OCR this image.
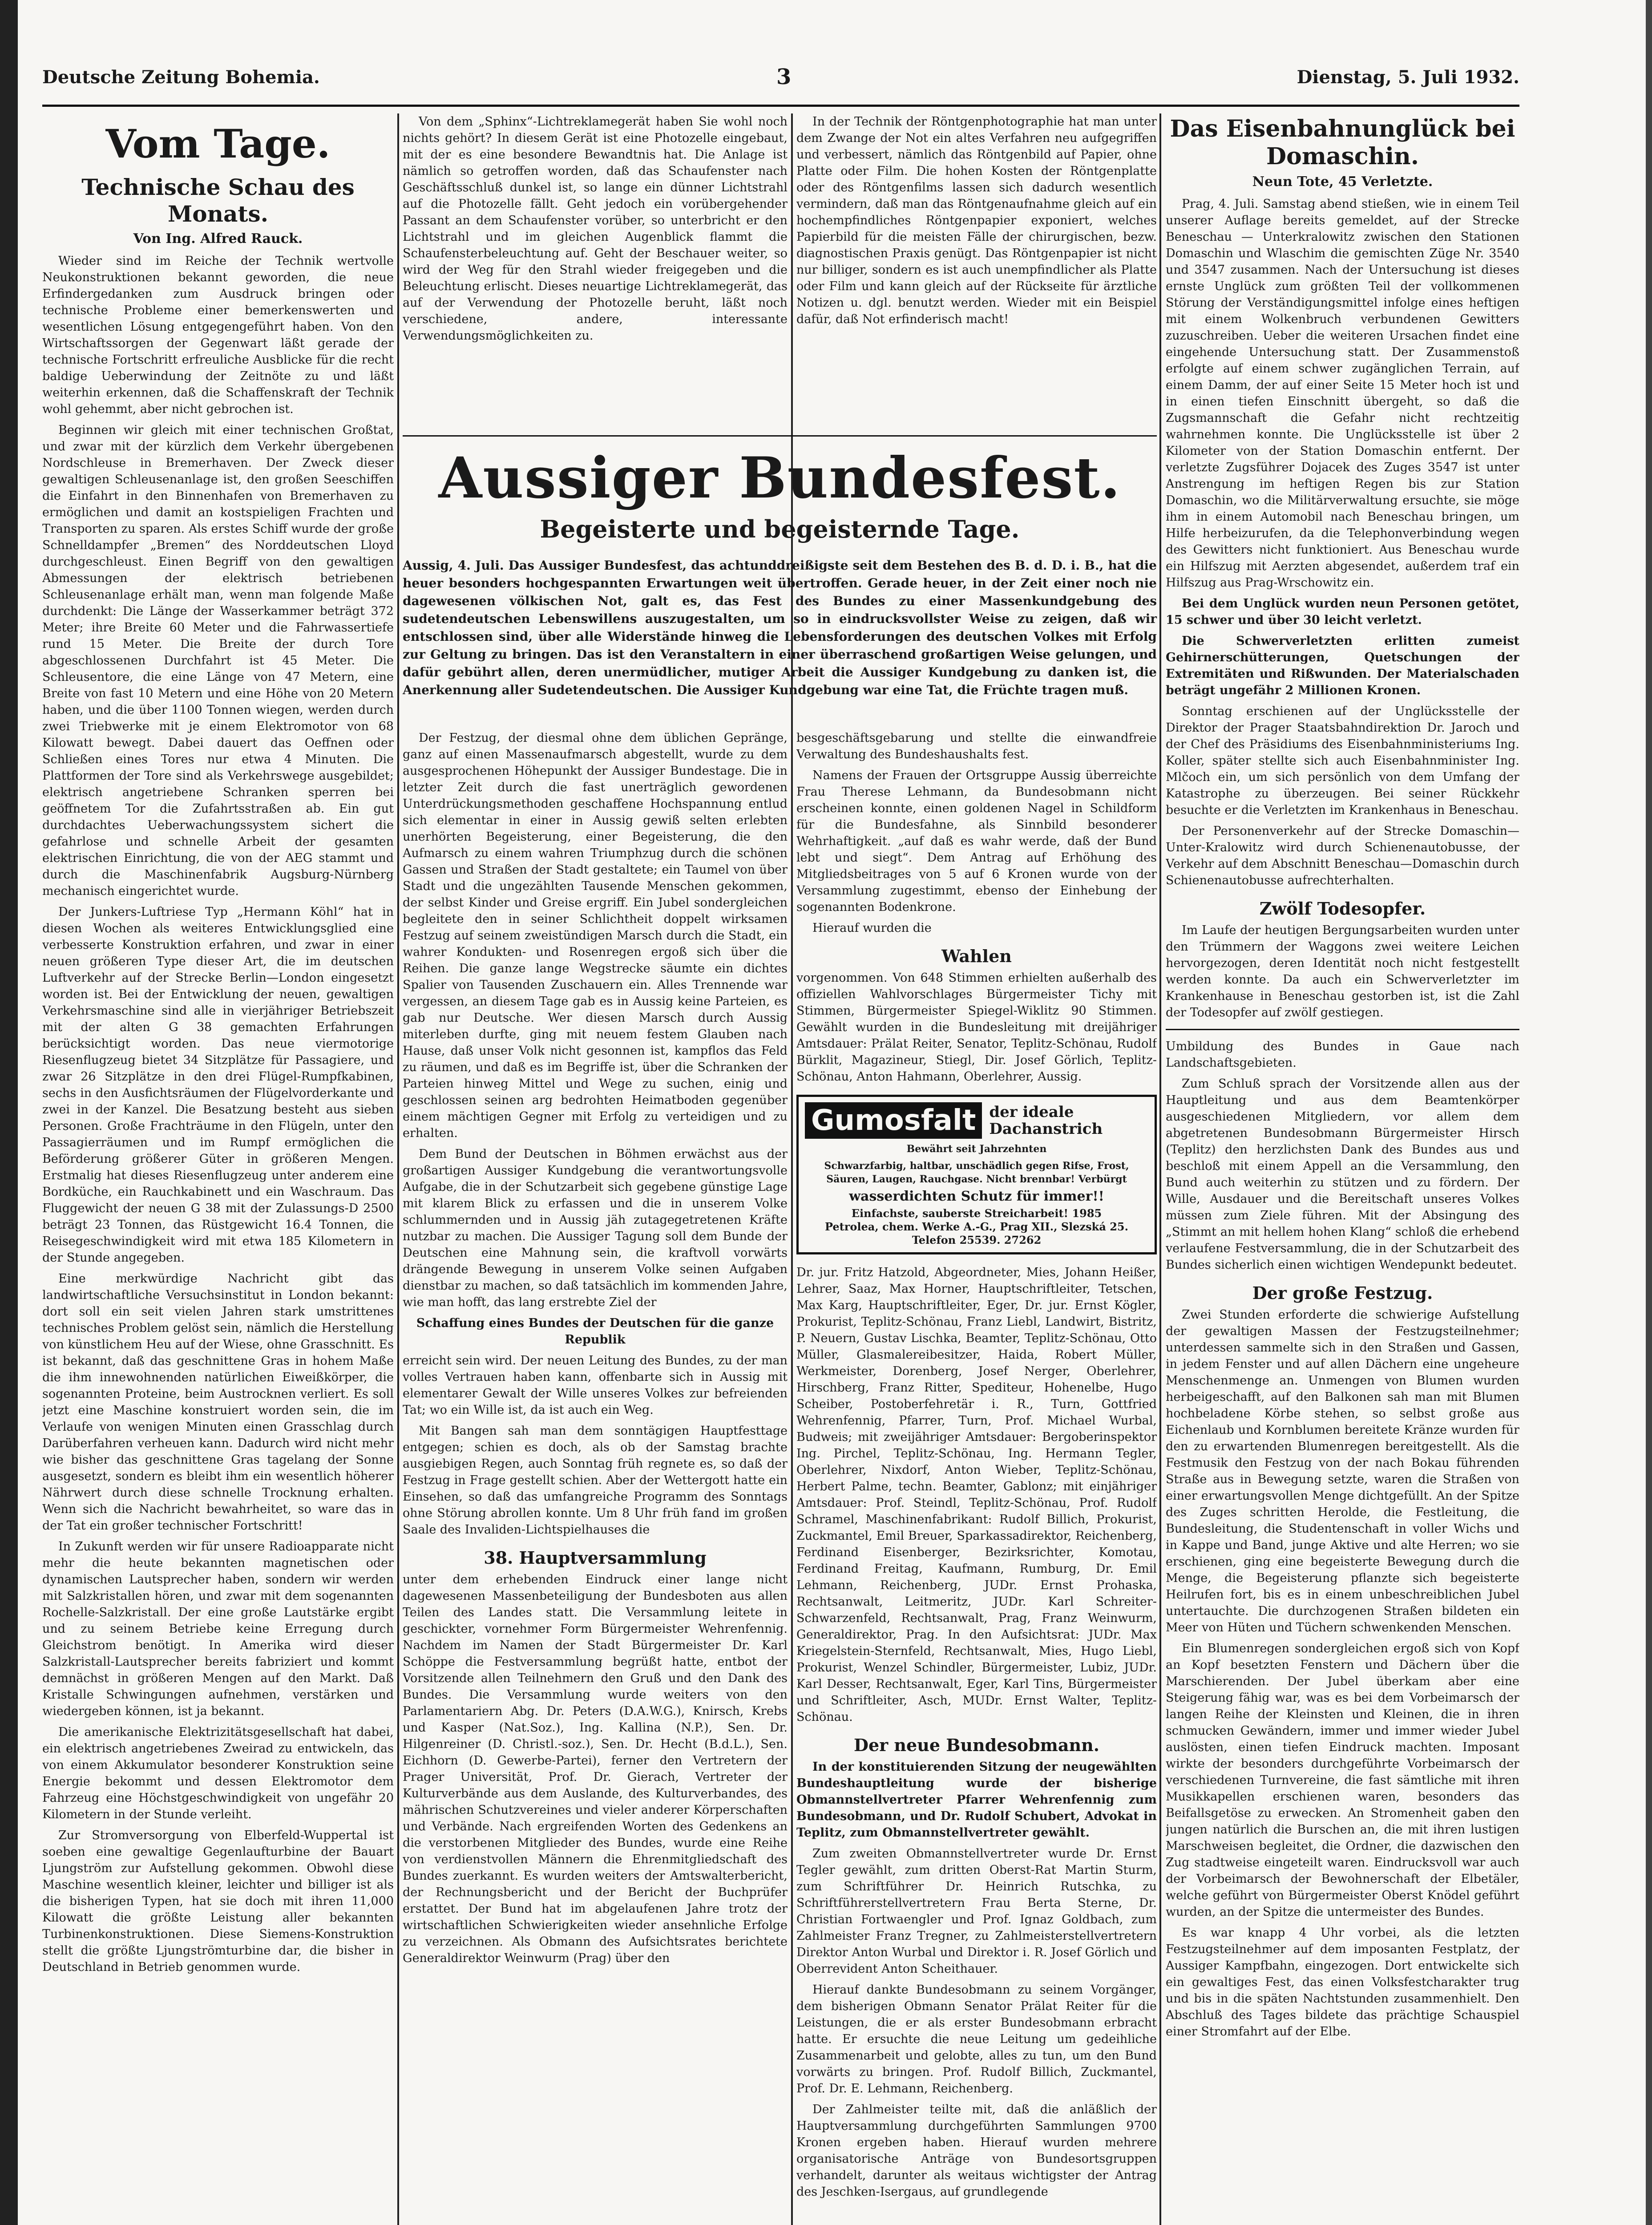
Deutsche Zeitung Bohemia.	3	Dienstag, 5. Juli 1932.
Vom Tage.
Technische Schau des Monats.
Von Ing. Alfred Rauck.

Wieder sind im Reiche der Technik wertvolle Neukonstruktionen bekannt geworden, die neue Erfindergedanken zum Ausdruck bringen oder technische Probleme einer bemerkenswerten und wesentlichen Lösung entgegengeführt haben. Von den Wirtschaftssorgen der Gegenwart läßt gerade der technische Fortschritt erfreuliche Ausblicke für die recht baldige Ueberwindung der Zeitnöte zu und läßt weiterhin erkennen, daß die Schaffenskraft der Technik wohl gehemmt, aber nicht gebrochen ist.

Beginnen wir gleich mit einer technischen Großtat, und zwar mit der kürzlich dem Verkehr übergebenen Nordschleuse in Bremerhaven. Der Zweck dieser gewaltigen Schleusenanlage ist, den großen Seeschiffen die Einfahrt in den Binnenhafen von Bremerhaven zu ermöglichen und damit an kostspieligen Frachten und Transporten zu sparen. Als erstes Schiff wurde der große Schnelldampfer „Bremen“ des Norddeutschen Lloyd durchgeschleust. Einen Begriff von den gewaltigen Abmessungen der elektrisch betriebenen Schleusenanlage erhält man, wenn man folgende Maße durchdenkt: Die Länge der Wasserkammer beträgt 372 Meter; ihre Breite 60 Meter und die Fahrwassertiefe rund 15 Meter. Die Breite der durch Tore abgeschlossenen Durchfahrt ist 45 Meter. Die Schleusentore, die eine Länge von 47 Metern, eine Breite von fast 10 Metern und eine Höhe von 20 Metern haben, und die über 1100 Tonnen wiegen, werden durch zwei Triebwerke mit je einem Elektromotor von 68 Kilowatt bewegt. Dabei dauert das Oeffnen oder Schließen eines Tores nur etwa 4 Minuten. Die Plattformen der Tore sind als Verkehrswege ausgebildet; elektrisch angetriebene Schranken sperren bei geöffnetem Tor die Zufahrtsstraßen ab. Ein gut durchdachtes Ueberwachungssystem sichert die gefahrlose und schnelle Arbeit der gesamten elektrischen Einrichtung, die von der AEG stammt und durch die Maschinenfabrik Augsburg-Nürnberg mechanisch eingerichtet wurde.

Der Junkers-Luftriese Typ „Hermann Köhl“ hat in diesen Wochen als weiteres Entwicklungsglied eine verbesserte Konstruktion erfahren, und zwar in einer neuen größeren Type dieser Art, die im deutschen Luftverkehr auf der Strecke Berlin—London eingesetzt worden ist. Bei der Entwicklung der neuen, gewaltigen Verkehrsmaschine sind alle in vierjähriger Betriebszeit mit der alten G 38 gemachten Erfahrungen berücksichtigt worden. Das neue viermotorige Riesenflugzeug bietet 34 Sitzplätze für Passagiere, und zwar 26 Sitzplätze in den drei Flügel-Rumpfkabinen, sechs in den Ausfichtsräumen der Flügelvorderkante und zwei in der Kanzel. Die Besatzung besteht aus sieben Personen. Große Frachträume in den Flügeln, unter den Passagierräumen und im Rumpf ermöglichen die Beförderung größerer Güter in größeren Mengen. Erstmalig hat dieses Riesenflugzeug unter anderem eine Bordküche, ein Rauchkabinett und ein Waschraum. Das Fluggewicht der neuen G 38 mit der Zulassungs-D 2500 beträgt 23 Tonnen, das Rüstgewicht 16.4 Tonnen, die Reisegeschwindigkeit wird mit etwa 185 Kilometern in der Stunde angegeben.

Eine merkwürdige Nachricht gibt das landwirtschaftliche Versuchsinstitut in London bekannt: dort soll ein seit vielen Jahren stark umstrittenes technisches Problem gelöst sein, nämlich die Herstellung von künstlichem Heu auf der Wiese, ohne Grasschnitt. Es ist bekannt, daß das geschnittene Gras in hohem Maße die ihm innewohnenden natürlichen Eiweißkörper, die sogenannten Proteine, beim Austrocknen verliert. Es soll jetzt eine Maschine konstruiert worden sein, die im Verlaufe von wenigen Minuten einen Grasschlag durch Darüberfahren verheuen kann. Dadurch wird nicht mehr wie bisher das geschnittene Gras tagelang der Sonne ausgesetzt, sondern es bleibt ihm ein wesentlich höherer Nährwert durch diese schnelle Trocknung erhalten. Wenn sich die Nachricht bewahrheitet, so ware das in der Tat ein großer technischer Fortschritt!

In Zukunft werden wir für unsere Radioapparate nicht mehr die heute bekannten magnetischen oder dynamischen Lautsprecher haben, sondern wir werden mit Salzkristallen hören, und zwar mit dem sogenannten Rochelle-Salzkristall. Der eine große Lautstärke ergibt und zu seinem Betriebe keine Erregung durch Gleichstrom benötigt. In Amerika wird dieser Salzkristall-Lautsprecher bereits fabriziert und kommt demnächst in größeren Mengen auf den Markt. Daß Kristalle Schwingungen aufnehmen, verstärken und wiedergeben können, ist ja bekannt.

Die amerikanische Elektrizitätsgesellschaft hat dabei, ein elektrisch angetriebenes Zweirad zu entwickeln, das von einem Akkumulator besonderer Konstruktion seine Energie bekommt und dessen Elektromotor dem Fahrzeug eine Höchstgeschwindigkeit von ungefähr 20 Kilometern in der Stunde verleiht.

Zur Stromversorgung von Elberfeld-Wuppertal ist soeben eine gewaltige Gegenlaufturbine der Bauart Ljungström zur Aufstellung gekommen. Obwohl diese Maschine wesentlich kleiner, leichter und billiger ist als die bisherigen Typen, hat sie doch mit ihren 11,000 Kilowatt die größte Leistung aller bekannten Turbinenkonstruktionen. Diese Siemens-Konstruktion stellt die größte Ljungströmturbine dar, die bisher in Deutschland in Betrieb genommen wurde.

Von dem „Sphinx“-Lichtreklamegerät haben Sie wohl noch nichts gehört? In diesem Gerät ist eine Photozelle eingebaut, mit der es eine besondere Bewandtnis hat. Die Anlage ist nämlich so getroffen worden, daß das Schaufenster nach Geschäftsschluß dunkel ist, so lange ein dünner Lichtstrahl auf die Photozelle fällt. Geht jedoch ein vorübergehender Passant an dem Schaufenster vorüber, so unterbricht er den Lichtstrahl und im gleichen Augenblick flammt die Schaufensterbeleuchtung auf. Geht der Beschauer weiter, so wird der Weg für den Strahl wieder freigegeben und die Beleuchtung erlischt. Dieses neuartige Lichtreklamegerät, das auf der Verwendung der Photozelle beruht, läßt noch verschiedene, andere, interessante Verwendungsmöglichkeiten zu.

In der Technik der Röntgenphotographie hat man unter dem Zwange der Not ein altes Verfahren neu aufgegriffen und verbessert, nämlich das Röntgenbild auf Papier, ohne Platte oder Film. Die hohen Kosten der Röntgenplatte oder des Röntgenfilms lassen sich dadurch wesentlich vermindern, daß man das Röntgenaufnahme gleich auf ein hochempfindliches Röntgenpapier exponiert, welches Papierbild für die meisten Fälle der chirurgischen, bezw. diagnostischen Praxis genügt. Das Röntgenpapier ist nicht nur billiger, sondern es ist auch unempfindlicher als Platte oder Film und kann gleich auf der Rückseite für ärztliche Notizen u. dgl. benutzt werden. Wieder mit ein Beispiel dafür, daß Not erfinderisch macht!

Aussiger Bundesfest.
Begeisterte und begeisternde Tage.
Aussig, 4. Juli. Das Aussiger Bundesfest, das achtunddreißigste seit dem Bestehen des B. d. D. i. B., hat die heuer besonders hochgespannten Erwartungen weit übertroffen. Gerade heuer, in der Zeit einer noch nie dagewesenen völkischen Not, galt es, das Fest des Bundes zu einer Massenkundgebung des sudetendeutschen Lebenswillens auszugestalten, um so in eindrucksvollster Weise zu zeigen, daß wir entschlossen sind, über alle Widerstände hinweg die Lebensforderungen des deutschen Volkes mit Erfolg zur Geltung zu bringen. Das ist den Veranstaltern in einer überraschend großartigen Weise gelungen, und dafür gebührt allen, deren unermüdlicher, mutiger Arbeit die Aussiger Kundgebung zu danken ist, die Anerkennung aller Sudetendeutschen. Die Aussiger Kundgebung war eine Tat, die Früchte tragen muß.

Der Festzug, der diesmal ohne dem üblichen Gepränge, ganz auf einen Massenaufmarsch abgestellt, wurde zu dem ausgesprochenen Höhepunkt der Aussiger Bundestage. Die in letzter Zeit durch die fast unerträglich gewordenen Unterdrückungsmethoden geschaffene Hochspannung entlud sich elementar in einer in Aussig gewiß selten erlebten unerhörten Begeisterung, einer Begeisterung, die den Aufmarsch zu einem wahren Triumphzug durch die schönen Gassen und Straßen der Stadt gestaltete; ein Taumel von über Stadt und die ungezählten Tausende Menschen gekommen, der selbst Kinder und Greise ergriff. Ein Jubel sondergleichen begleitete den in seiner Schlichtheit doppelt wirksamen Festzug auf seinem zweistündigen Marsch durch die Stadt, ein wahrer Kondukten- und Rosenregen ergoß sich über die Reihen. Die ganze lange Wegstrecke säumte ein dichtes Spalier von Tausenden Zuschauern ein. Alles Trennende war vergessen, an diesem Tage gab es in Aussig keine Parteien, es gab nur Deutsche. Wer diesen Marsch durch Aussig miterleben durfte, ging mit neuem festem Glauben nach Hause, daß unser Volk nicht gesonnen ist, kampflos das Feld zu räumen, und daß es im Begriffe ist, über die Schranken der Parteien hinweg Mittel und Wege zu suchen, einig und geschlossen seinen arg bedrohten Heimatboden gegenüber einem mächtigen Gegner mit Erfolg zu verteidigen und zu erhalten.

Dem Bund der Deutschen in Böhmen erwächst aus der großartigen Aussiger Kundgebung die verantwortungsvolle Aufgabe, die in der Schutzarbeit sich gegebene günstige Lage mit klarem Blick zu erfassen und die in unserem Volke schlummernden und in Aussig jäh zutagegetretenen Kräfte nutzbar zu machen. Die Aussiger Tagung soll dem Bunde der Deutschen eine Mahnung sein, die kraftvoll vorwärts drängende Bewegung in unserem Volke seinen Aufgaben dienstbar zu machen, so daß tatsächlich im kommenden Jahre, wie man hofft, das lang erstrebte Ziel der

Schaffung eines Bundes der Deutschen für die ganze Republik

erreicht sein wird. Der neuen Leitung des Bundes, zu der man volles Vertrauen haben kann, offenbarte sich in Aussig mit elementarer Gewalt der Wille unseres Volkes zur befreienden Tat; wo ein Wille ist, da ist auch ein Weg.

Mit Bangen sah man dem sonntägigen Hauptfesttage entgegen; schien es doch, als ob der Samstag brachte ausgiebigen Regen, auch Sonntag früh regnete es, so daß der Festzug in Frage gestellt schien. Aber der Wettergott hatte ein Einsehen, so daß das umfangreiche Programm des Sonntags ohne Störung abrollen konnte. Um 8 Uhr früh fand im großen Saale des Invaliden-Lichtspielhauses die

38. Hauptversammlung

unter dem erhebenden Eindruck einer lange nicht dagewesenen Massenbeteiligung der Bundesboten aus allen Teilen des Landes statt. Die Versammlung leitete in geschickter, vornehmer Form Bürgermeister Wehrenfennig. Nachdem im Namen der Stadt Bürgermeister Dr. Karl Schöppe die Festversammlung begrüßt hatte, entbot der Vorsitzende allen Teilnehmern den Gruß und den Dank des Bundes. Die Versammlung wurde weiters von den Parlamentariern Abg. Dr. Peters (D.A.W.G.), Knirsch, Krebs und Kasper (Nat.Soz.), Ing. Kallina (N.P.), Sen. Dr. Hilgenreiner (D. Christl.-soz.), Sen. Dr. Hecht (B.d.L.), Sen. Eichhorn (D. Gewerbe-Partei), ferner den Vertretern der Prager Universität, Prof. Dr. Gierach, Vertreter der Kulturverbände aus dem Auslande, des Kulturverbandes, des mährischen Schutzvereines und vieler anderer Körperschaften und Verbände. Nach ergreifenden Worten des Gedenkens an die verstorbenen Mitglieder des Bundes, wurde eine Reihe von verdienstvollen Männern die Ehrenmitgliedschaft des Bundes zuerkannt. Es wurden weiters der Amtswalterbericht, der Rechnungsbericht und der Bericht der Buchprüfer erstattet. Der Bund hat im abgelaufenen Jahre trotz der wirtschaftlichen Schwierigkeiten wieder ansehnliche Erfolge zu verzeichnen. Als Obmann des Aufsichtsrates berichtete Generaldirektor Weinwurm (Prag) über den

besgeschäftsgebarung und stellte die einwandfreie Verwaltung des Bundeshaushalts fest.

Namens der Frauen der Ortsgruppe Aussig überreichte Frau Therese Lehmann, da Bundesobmann nicht erscheinen konnte, einen goldenen Nagel in Schildform für die Bundesfahne, als Sinnbild besonderer Wehrhaftigkeit. „auf daß es wahr werde, daß der Bund lebt und siegt“. Dem Antrag auf Erhöhung des Mitgliedsbeitrages von 5 auf 6 Kronen wurde von der Versammlung zugestimmt, ebenso der Einhebung der sogenannten Bodenkrone.

Hierauf wurden die

Wahlen

vorgenommen. Von 648 Stimmen erhielten außerhalb des offiziellen Wahlvorschlages Bürgermeister Tichy mit Stimmen, Bürgermeister Spiegel-Wiklitz 90 Stimmen. Gewählt wurden in die Bundesleitung mit dreijähriger Amtsdauer: Prälat Reiter, Senator, Teplitz-Schönau, Rudolf Bürklit, Magazineur, Stiegl, Dir. Josef Görlich, Teplitz-Schönau, Anton Hahmann, Oberlehrer, Aussig.

Gumosfalt der ideale Dachanstrich
Bewährt seit Jahrzehnten
Schwarzfarbig, haltbar, unschädlich gegen Rifse, Frost, Säuren, Laugen, Rauchgase. Nicht brennbar! Verbürgt
wasserdichten Schutz für immer!!
Einfachste, sauberste Streicharbeit! 1985
Petrolea, chem. Werke A.-G., Prag XII., Slezská 25.
Telefon 25539. 27262

Dr. jur. Fritz Hatzold, Abgeordneter, Mies, Johann Heißer, Lehrer, Saaz, Max Horner, Hauptschriftleiter, Tetschen, Max Karg, Hauptschriftleiter, Eger, Dr. jur. Ernst Kögler, Prokurist, Teplitz-Schönau, Franz Liebl, Landwirt, Bistritz, P. Neuern, Gustav Lischka, Beamter, Teplitz-Schönau, Otto Müller, Glasmalereibesitzer, Haida, Robert Müller, Werkmeister, Dorenberg, Josef Nerger, Oberlehrer, Hirschberg, Franz Ritter, Spediteur, Hohenelbe, Hugo Scheiber, Postoberfehretär i. R., Turn, Gottfried Wehrenfennig, Pfarrer, Turn, Prof. Michael Wurbal, Budweis; mit zweijähriger Amtsdauer: Bergoberinspektor Ing. Pirchel, Teplitz-Schönau, Ing. Hermann Tegler, Oberlehrer, Nixdorf, Anton Wieber, Teplitz-Schönau, Herbert Palme, techn. Beamter, Gablonz; mit einjähriger Amtsdauer: Prof. Steindl, Teplitz-Schönau, Prof. Rudolf Schramel, Maschinenfabrikant: Rudolf Billich, Prokurist, Zuckmantel, Emil Breuer, Sparkassadirektor, Reichenberg, Ferdinand Eisenberger, Bezirksrichter, Komotau, Ferdinand Freitag, Kaufmann, Rumburg, Dr. Emil Lehmann, Reichenberg, JUDr. Ernst Prohaska, Rechtsanwalt, Leitmeritz, JUDr. Karl Schreiter-Schwarzenfeld, Rechtsanwalt, Prag, Franz Weinwurm, Generaldirektor, Prag. In den Aufsichtsrat: JUDr. Max Kriegelstein-Sternfeld, Rechtsanwalt, Mies, Hugo Liebl, Prokurist, Wenzel Schindler, Bürgermeister, Lubiz, JUDr. Karl Desser, Rechtsanwalt, Eger, Karl Tins, Bürgermeister und Schriftleiter, Asch, MUDr. Ernst Walter, Teplitz-Schönau.

Der neue Bundesobmann.

In der konstituierenden Sitzung der neugewählten Bundeshauptleitung wurde der bisherige Obmannstellvertreter Pfarrer Wehrenfennig zum Bundesobmann, und Dr. Rudolf Schubert, Advokat in Teplitz, zum Obmannstellvertreter gewählt.

Zum zweiten Obmannstellvertreter wurde Dr. Ernst Tegler gewählt, zum dritten Oberst-Rat Martin Sturm, zum Schriftführer Dr. Heinrich Rutschka, zu Schriftführerstellvertretern Frau Berta Sterne, Dr. Christian Fortwaengler und Prof. Ignaz Goldbach, zum Zahlmeister Franz Tregner, zu Zahlmeisterstellvertretern Direktor Anton Wurbal und Direktor i. R. Josef Görlich und Oberrevident Anton Scheithauer.

Hierauf dankte Bundesobmann zu seinem Vorgänger, dem bisherigen Obmann Senator Prälat Reiter für die Leistungen, die er als erster Bundesobmann erbracht hatte. Er ersuchte die neue Leitung um gedeihliche Zusammenarbeit und gelobte, alles zu tun, um den Bund vorwärts zu bringen. Prof. Rudolf Billich, Zuckmantel, Prof. Dr. E. Lehmann, Reichenberg.

Der Zahlmeister teilte mit, daß die anläßlich der Hauptversammlung durchgeführten Sammlungen 9700 Kronen ergeben haben. Hierauf wurden mehrere organisatorische Anträge von Bundesortsgruppen verhandelt, darunter als weitaus wichtigster der Antrag des Jeschken-Isergaus, auf grundlegende

Das Eisenbahnunglück bei Domaschin.
Neun Tote, 45 Verletzte.

Prag, 4. Juli. Samstag abend stießen, wie in einem Teil unserer Auflage bereits gemeldet, auf der Strecke Beneschau — Unterkralowitz zwischen den Stationen Domaschin und Wlaschim die gemischten Züge Nr. 3540 und 3547 zusammen. Nach der Untersuchung ist dieses ernste Unglück zum größten Teil der vollkommenen Störung der Verständigungsmittel infolge eines heftigen mit einem Wolkenbruch verbundenen Gewitters zuzuschreiben. Ueber die weiteren Ursachen findet eine eingehende Untersuchung statt. Der Zusammenstoß erfolgte auf einem schwer zugänglichen Terrain, auf einem Damm, der auf einer Seite 15 Meter hoch ist und in einen tiefen Einschnitt übergeht, so daß die Zugsmannschaft die Gefahr nicht rechtzeitig wahrnehmen konnte. Die Unglücksstelle ist über 2 Kilometer von der Station Domaschin entfernt. Der verletzte Zugsführer Dojacek des Zuges 3547 ist unter Anstrengung im heftigen Regen bis zur Station Domaschin, wo die Militärverwaltung ersuchte, sie möge ihm in einem Automobil nach Beneschau bringen, um Hilfe herbeizurufen, da die Telephonverbindung wegen des Gewitters nicht funktioniert. Aus Beneschau wurde ein Hilfszug mit Aerzten abgesendet, außerdem traf ein Hilfszug aus Prag-Wrschowitz ein.

Bei dem Unglück wurden neun Personen getötet, 15 schwer und über 30 leicht verletzt.

Die Schwerverletzten erlitten zumeist Gehirnerschütterungen, Quetschungen der Extremitäten und Rißwunden. Der Materialschaden beträgt ungefähr 2 Millionen Kronen.

Sonntag erschienen auf der Unglücksstelle der Direktor der Prager Staatsbahndirektion Dr. Jaroch und der Chef des Präsidiums des Eisenbahnministeriums Ing. Koller, später stellte sich auch Eisenbahnminister Ing. Mlčoch ein, um sich persönlich von dem Umfang der Katastrophe zu überzeugen. Bei seiner Rückkehr besuchte er die Verletzten im Krankenhaus in Beneschau.

Der Personenverkehr auf der Strecke Domaschin—Unter-Kralowitz wird durch Schienenautobusse, der Verkehr auf dem Abschnitt Beneschau—Domaschin durch Schienenautobusse aufrechterhalten.

Zwölf Todesopfer.

Im Laufe der heutigen Bergungsarbeiten wurden unter den Trümmern der Waggons zwei weitere Leichen hervorgezogen, deren Identität noch nicht festgestellt werden konnte. Da auch ein Schwerverletzter im Krankenhause in Beneschau gestorben ist, ist die Zahl der Todesopfer auf zwölf gestiegen.

Umbildung des Bundes in Gaue nach Landschaftsgebieten.

Zum Schluß sprach der Vorsitzende allen aus der Hauptleitung und aus dem Beamtenkörper ausgeschiedenen Mitgliedern, vor allem dem abgetretenen Bundesobmann Bürgermeister Hirsch (Teplitz) den herzlichsten Dank des Bundes aus und beschloß mit einem Appell an die Versammlung, den Bund auch weiterhin zu stützen und zu fördern. Der Wille, Ausdauer und die Bereitschaft unseres Volkes müssen zum Ziele führen. Mit der Absingung des „Stimmt an mit hellem hohen Klang“ schloß die erhebend verlaufene Festversammlung, die in der Schutzarbeit des Bundes sicherlich einen wichtigen Wendepunkt bedeutet.

Der große Festzug.

Zwei Stunden erforderte die schwierige Aufstellung der gewaltigen Massen der Festzugsteilnehmer; unterdessen sammelte sich in den Straßen und Gassen, in jedem Fenster und auf allen Dächern eine ungeheure Menschenmenge an. Unmengen von Blumen wurden herbeigeschafft, auf den Balkonen sah man mit Blumen hochbeladene Körbe stehen, so selbst große aus Eichenlaub und Kornblumen bereitete Kränze wurden für den zu erwartenden Blumenregen bereitgestellt. Als die Festmusik den Festzug von der nach Bokau führenden Straße aus in Bewegung setzte, waren die Straßen von einer erwartungsvollen Menge dichtgefüllt. An der Spitze des Zuges schritten Herolde, die Festleitung, die Bundesleitung, die Studentenschaft in voller Wichs und in Kappe und Band, junge Aktive und alte Herren; wo sie erschienen, ging eine begeisterte Bewegung durch die Menge, die Begeisterung pflanzte sich begeisterte Heilrufen fort, bis es in einem unbeschreiblichen Jubel untertauchte. Die durchzogenen Straßen bildeten ein Meer von Hüten und Tüchern schwenkenden Menschen.

Ein Blumenregen sondergleichen ergoß sich von Kopf an Kopf besetzten Fenstern und Dächern über die Marschierenden. Der Jubel überkam aber eine Steigerung fähig war, was es bei dem Vorbeimarsch der langen Reihe der Kleinsten und Kleinen, die in ihren schmucken Gewändern, immer und immer wieder Jubel auslösten, einen tiefen Eindruck machten. Imposant wirkte der besonders durchgeführte Vorbeimarsch der verschiedenen Turnvereine, die fast sämtliche mit ihren Musikkapellen erschienen waren, besonders das Beifallsgetöse zu erwecken. An Stromenheit gaben den jungen natürlich die Burschen an, die mit ihren lustigen Marschweisen begleitet, die Ordner, die dazwischen den Zug stadtweise eingeteilt waren. Eindrucksvoll war auch der Vorbeimarsch der Bewohnerschaft der Elbetäler, welche geführt von Bürgermeister Oberst Knödel geführt wurden, an der Spitze die untermeister des Bundes.

Es war knapp 4 Uhr vorbei, als die letzten Festzugsteilnehmer auf dem imposanten Festplatz, der Aussiger Kampfbahn, eingezogen. Dort entwickelte sich ein gewaltiges Fest, das einen Volksfestcharakter trug und bis in die späten Nachtstunden zusammenhielt. Den Abschluß des Tages bildete das prächtige Schauspiel einer Stromfahrt auf der Elbe.
